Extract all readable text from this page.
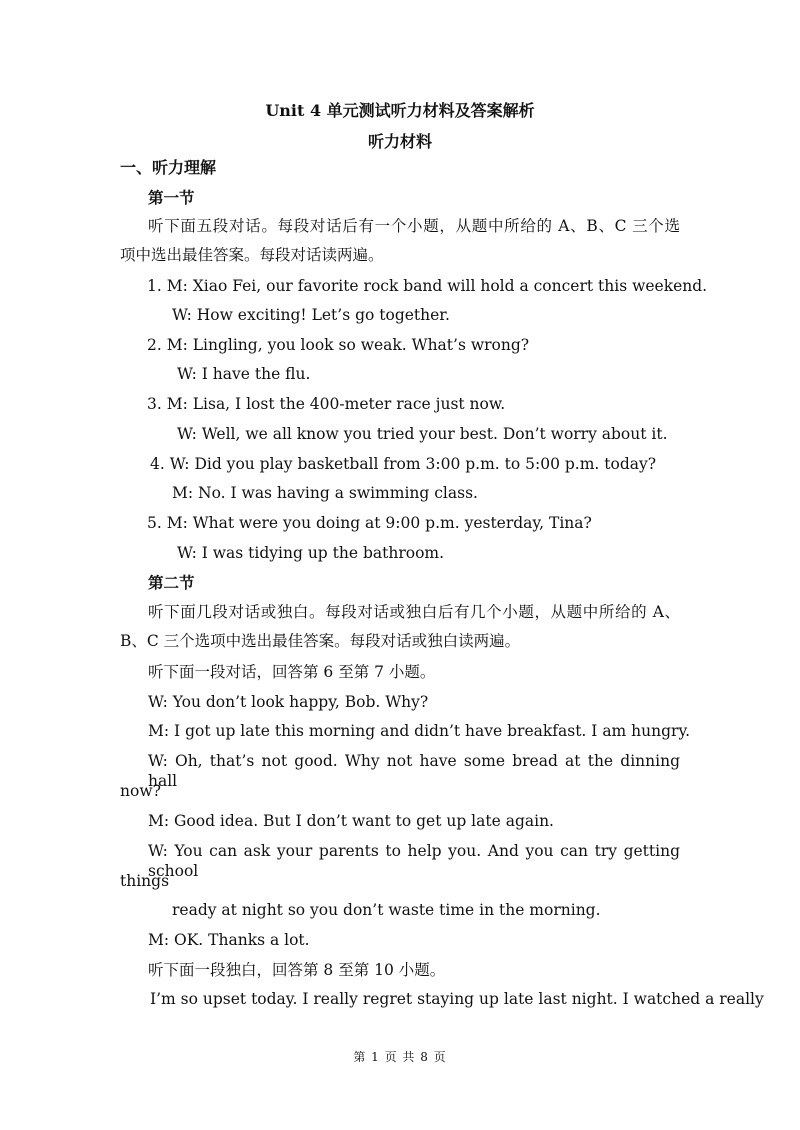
Unit 4 单元测试听力材料及答案解析
听力材料
一、听力理解
第一节
听下面五段对话。每段对话后有一个小题，从题中所给的 A、B、C 三个选
项中选出最佳答案。每段对话读两遍。
1. M: Xiao Fei, our favorite rock band will hold a concert this weekend.
W: How exciting! Let’s go together.
2. M: Lingling, you look so weak. What’s wrong?
W: I have the flu.
3. M: Lisa, I lost the 400-meter race just now.
W: Well, we all know you tried your best. Don’t worry about it.
4. W: Did you play basketball from 3:00 p.m. to 5:00 p.m. today?
M: No. I was having a swimming class.
5. M: What were you doing at 9:00 p.m. yesterday, Tina?
W: I was tidying up the bathroom.
第二节
听下面几段对话或独白。每段对话或独白后有几个小题，从题中所给的 A、
B、C 三个选项中选出最佳答案。每段对话或独白读两遍。
听下面一段对话，回答第 6 至第 7 小题。
W: You don’t look happy, Bob. Why?
M: I got up late this morning and didn’t have breakfast. I am hungry.
W: Oh, that’s not good. Why not have some bread at the dinning hall
now?
M: Good idea. But I don’t want to get up late again.
W: You can ask your parents to help you. And you can try getting school
things
ready at night so you don’t waste time in the morning.
M: OK. Thanks a lot.
听下面一段独白，回答第 8 至第 10 小题。
I’m so upset today. I really regret staying up late last night. I watched a really
第 1 页 共 8 页
